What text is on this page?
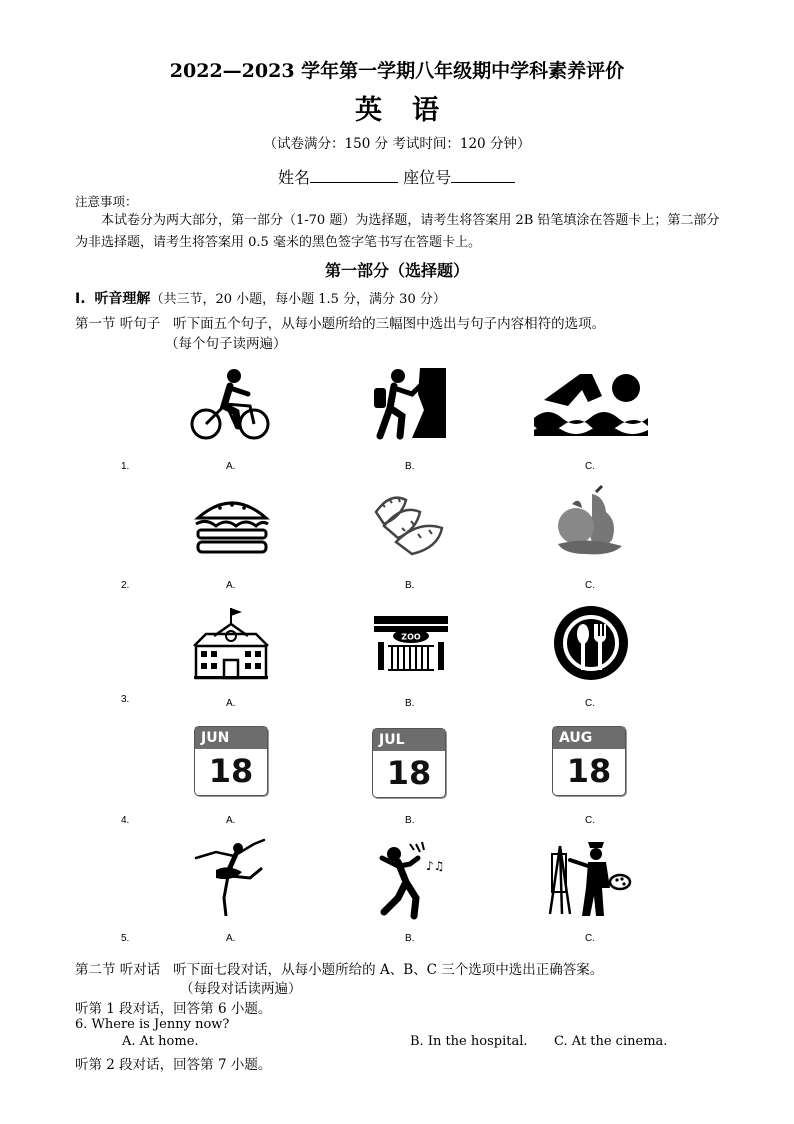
2022—2023 学年第一学期八年级期中学科素养评价
英语
（试卷满分：150 分 考试时间：120 分钟）
姓名	座位号
注意事项：
本试卷分为两大部分，第一部分（1-70 题）为选择题，请考生将答案用 2B 铅笔填涂在答题卡上；第二部分为非选择题，请考生将答案用 0.5 毫米的黑色签字笔书写在答题卡上。
第一部分（选择题）
I. 听音理解（共三节，20 小题，每小题 1.5 分，满分 30 分）
第一节 听句子 听下面五个句子，从每小题所给的三幅图中选出与句子内容相符的选项。
（每个句子读两遍）
1.	A.	B.	C.
2.	A.	B.	C.
ZOO
3.	A.	B.	C.
JUN
18
JUL
18
AUG
18
4.	A.	B.	C.
♪♫
5.	A.	B.	C.
第二节 听对话 听下面七段对话，从每小题所给的 A、B、C 三个选项中选出正确答案。
（每段对话读两遍）
听第 1 段对话，回答第 6 小题。
6. Where is Jenny now?
A. At home.	B. In the hospital. C. At the cinema.
听第 2 段对话，回答第 7 小题。
